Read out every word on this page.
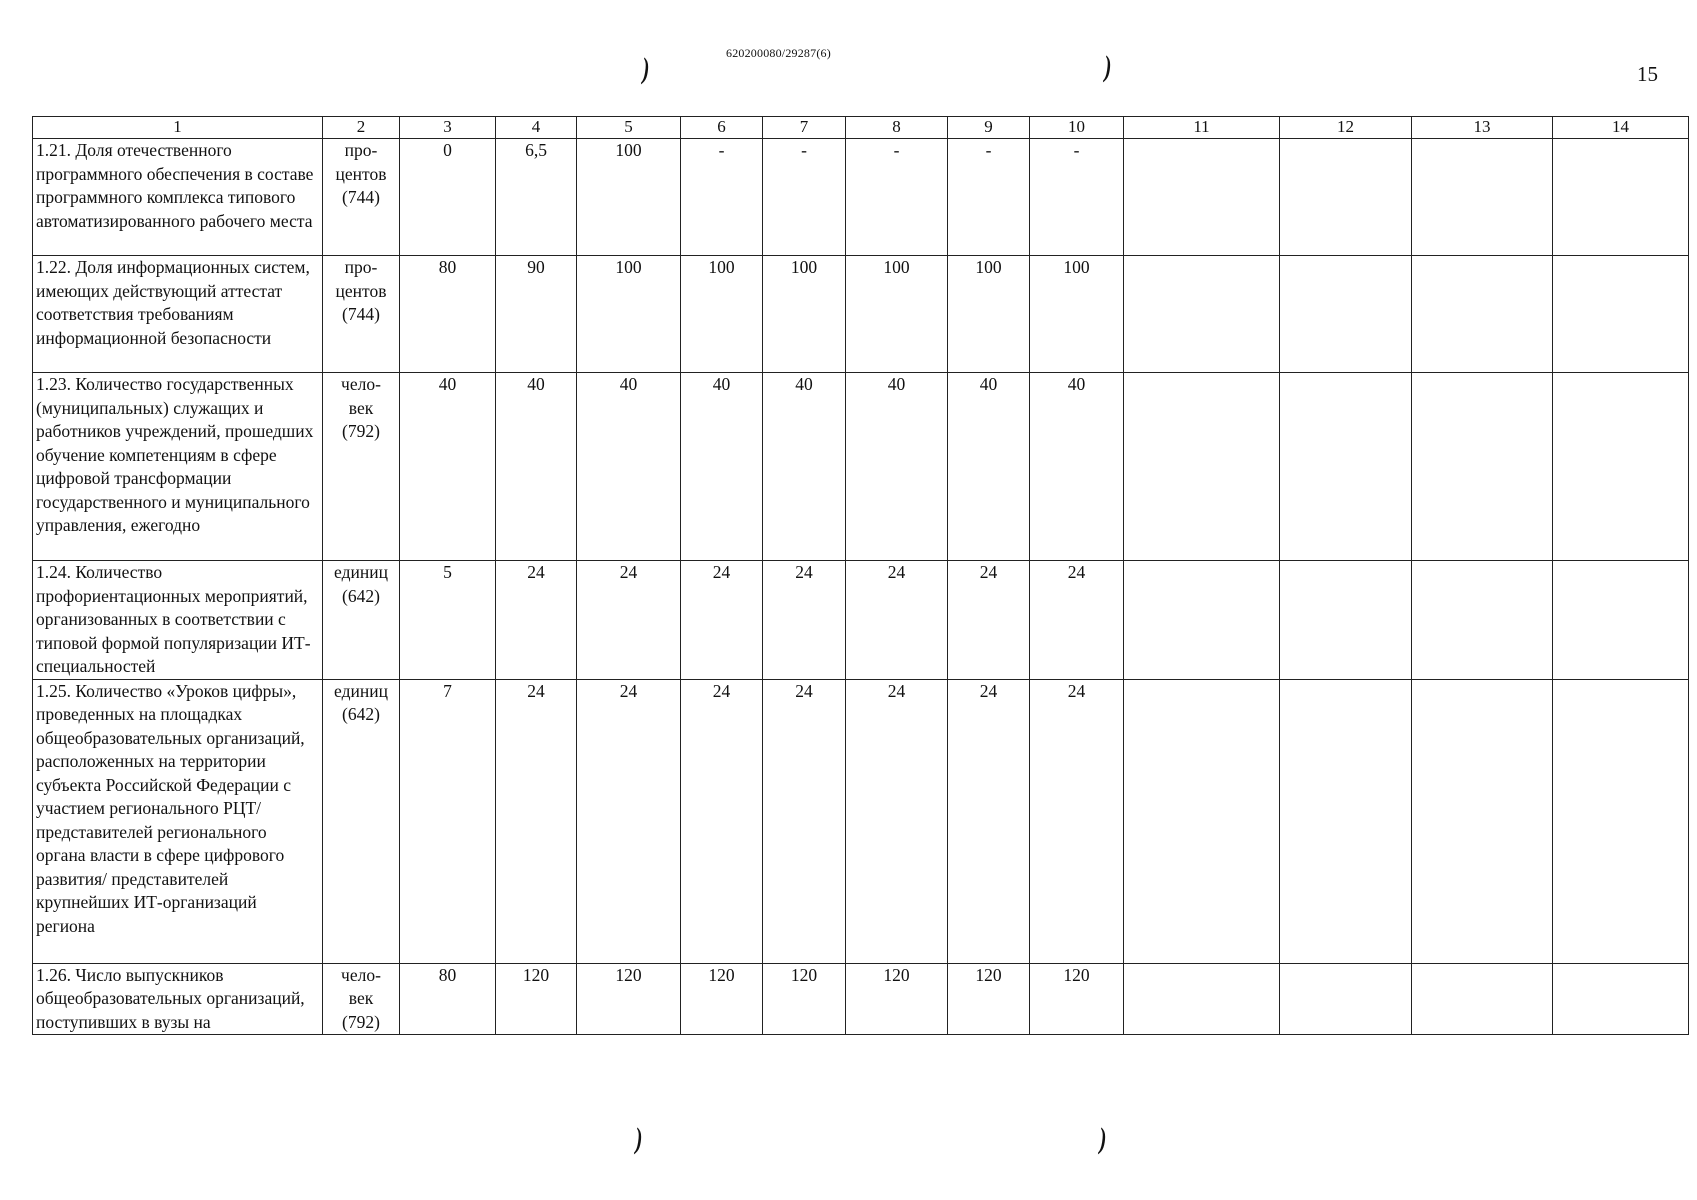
620200080/29287(6)
15
)	)
)	)
1	2	3	4	5	6	7	8	9	10	11	12	13	14
1.21. Доля отечественного программного обеспечения в составе программного комплекса типового автоматизированного рабочего места	про-
центов
(744)	0	6,5	100	-	-	-	-	-				
1.22. Доля информационных систем, имеющих действующий аттестат соответствия требованиям информационной безопасности	про-
центов
(744)	80	90	100	100	100	100	100	100				
1.23. Количество государственных (муниципальных) служащих и работников учреждений, прошедших обучение компетенциям в сфере цифровой трансформации государственного и муниципального управления, ежегодно	чело-
век
(792)	40	40	40	40	40	40	40	40				
1.24. Количество профориентационных мероприятий, организованных в соответствии с типовой формой популяризации ИТ-специальностей	единиц
(642)	5	24	24	24	24	24	24	24				
1.25. Количество «Уроков цифры», проведенных на площадках общеобразовательных организаций, расположенных на территории субъекта Российской Федерации с участием регионального РЦТ/ представителей регионального органа власти в сфере цифрового развития/ представителей крупнейших ИТ-организаций региона	единиц
(642)	7	24	24	24	24	24	24	24				
1.26. Число выпускников общеобразовательных организаций, поступивших в вузы на	чело-
век
(792)	80	120	120	120	120	120	120	120				
